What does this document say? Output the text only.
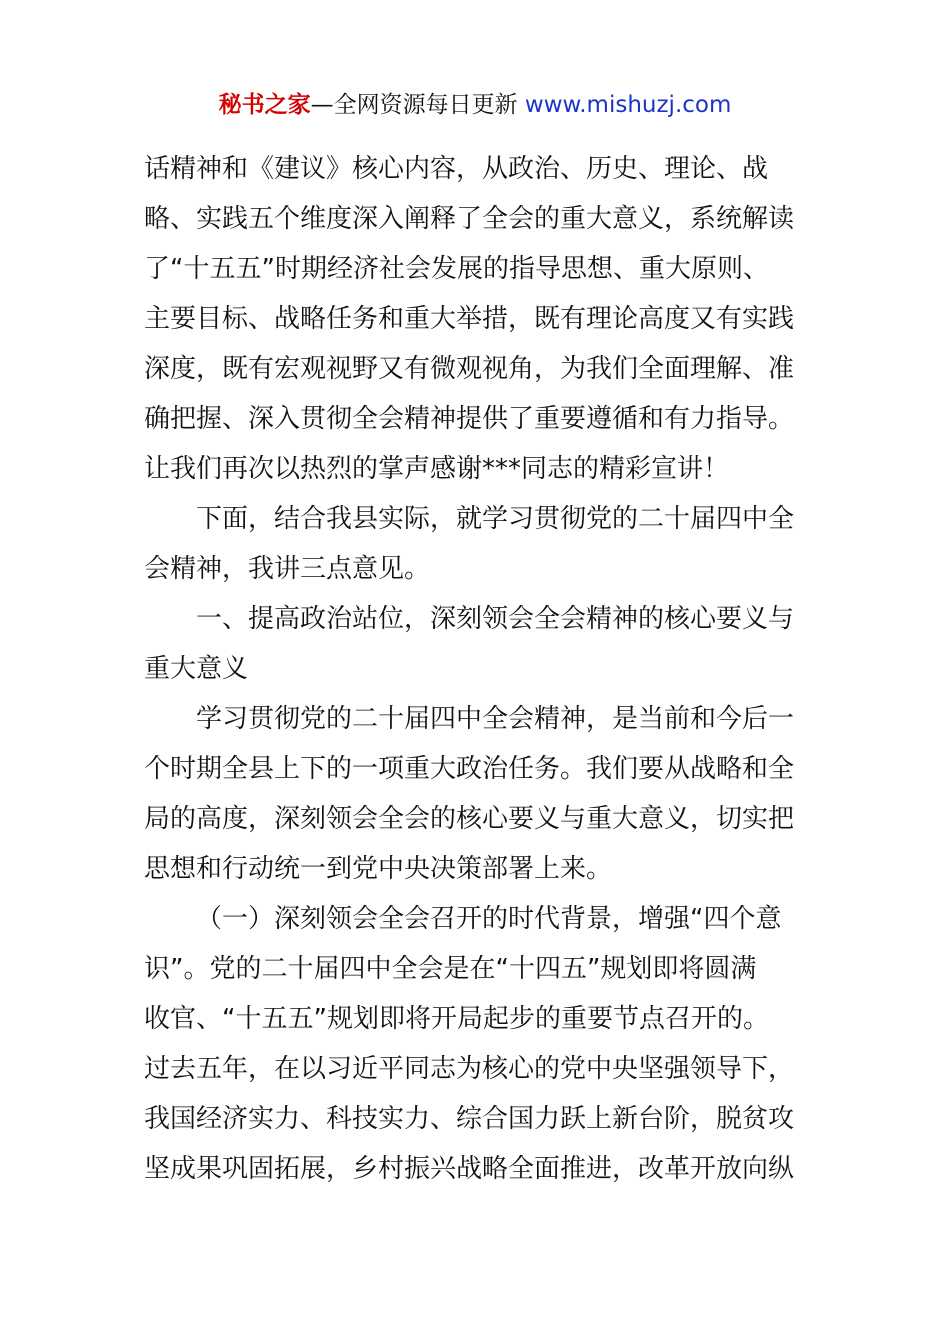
秘书之家—全网资源每日更新 www.mishuzj.com
话精神和《建议》核心内容，从政治、历史、理论、战
略、实践五个维度深入阐释了全会的重大意义，系统解读
了“十五五”时期经济社会发展的指导思想、重大原则、
主要目标、战略任务和重大举措，既有理论高度又有实践
深度，既有宏观视野又有微观视角，为我们全面理解、准
确把握、深入贯彻全会精神提供了重要遵循和有力指导。
让我们再次以热烈的掌声感谢***同志的精彩宣讲！
下面，结合我县实际，就学习贯彻党的二十届四中全
会精神，我讲三点意见。
一、提高政治站位，深刻领会全会精神的核心要义与
重大意义
学习贯彻党的二十届四中全会精神，是当前和今后一
个时期全县上下的一项重大政治任务。我们要从战略和全
局的高度，深刻领会全会的核心要义与重大意义，切实把
思想和行动统一到党中央决策部署上来。
（一）深刻领会全会召开的时代背景，增强“四个意
识”。党的二十届四中全会是在“十四五”规划即将圆满
收官、“十五五”规划即将开局起步的重要节点召开的。
过去五年，在以习近平同志为核心的党中央坚强领导下，
我国经济实力、科技实力、综合国力跃上新台阶，脱贫攻
坚成果巩固拓展，乡村振兴战略全面推进，改革开放向纵
